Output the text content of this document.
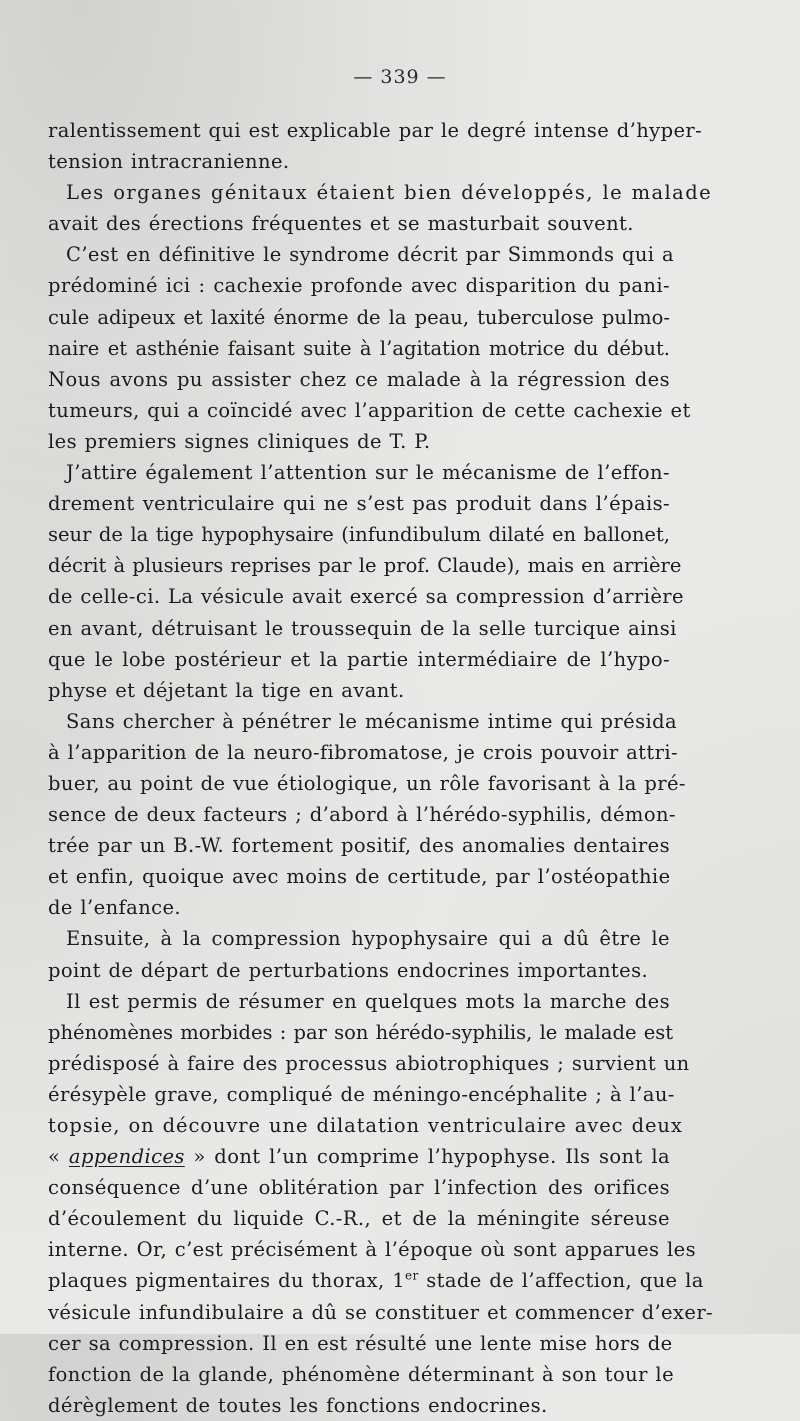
— 339 —
ralentissement qui est explicable par le degré intense d’hyper-
tension intracranienne.
Les organes génitaux étaient bien développés, le malade
avait des érections fréquentes et se masturbait souvent.
C’est en définitive le syndrome décrit par Simmonds qui a
prédominé ici : cachexie profonde avec disparition du pani-
cule adipeux et laxité énorme de la peau, tuberculose pulmo-
naire et asthénie faisant suite à l’agitation motrice du début.
Nous avons pu assister chez ce malade à la régression des
tumeurs, qui a coïncidé avec l’apparition de cette cachexie et
les premiers signes cliniques de T. P.
J’attire également l’attention sur le mécanisme de l’effon-
drement ventriculaire qui ne s’est pas produit dans l’épais-
seur de la tige hypophysaire (infundibulum dilaté en ballonet,
décrit à plusieurs reprises par le prof. Claude), mais en arrière
de celle-ci. La vésicule avait exercé sa compression d’arrière
en avant, détruisant le troussequin de la selle turcique ainsi
que le lobe postérieur et la partie intermédiaire de l’hypo-
physe et déjetant la tige en avant.
Sans chercher à pénétrer le mécanisme intime qui présida
à l’apparition de la neuro-fibromatose, je crois pouvoir attri-
buer, au point de vue étiologique, un rôle favorisant à la pré-
sence de deux facteurs ; d’abord à l’hérédo-syphilis, démon-
trée par un B.-W. fortement positif, des anomalies dentaires
et enfin, quoique avec moins de certitude, par l’ostéopathie
de l’enfance.
Ensuite, à la compression hypophysaire qui a dû être le
point de départ de perturbations endocrines importantes.
Il est permis de résumer en quelques mots la marche des
phénomènes morbides : par son hérédo-syphilis, le malade est
prédisposé à faire des processus abiotrophiques ; survient un
érésypèle grave, compliqué de méningo-encéphalite ; à l’au-
topsie, on découvre une dilatation ventriculaire avec deux
« appendices » dont l’un comprime l’hypophyse. Ils sont la
conséquence d’une oblitération par l’infection des orifices
d’écoulement du liquide C.-R., et de la méningite séreuse
interne. Or, c’est précisément à l’époque où sont apparues les
plaques pigmentaires du thorax, 1er stade de l’affection, que la
vésicule infundibulaire a dû se constituer et commencer d’exer-
cer sa compression. Il en est résulté une lente mise hors de
fonction de la glande, phénomène déterminant à son tour le
dérèglement de toutes les fonctions endocrines.
